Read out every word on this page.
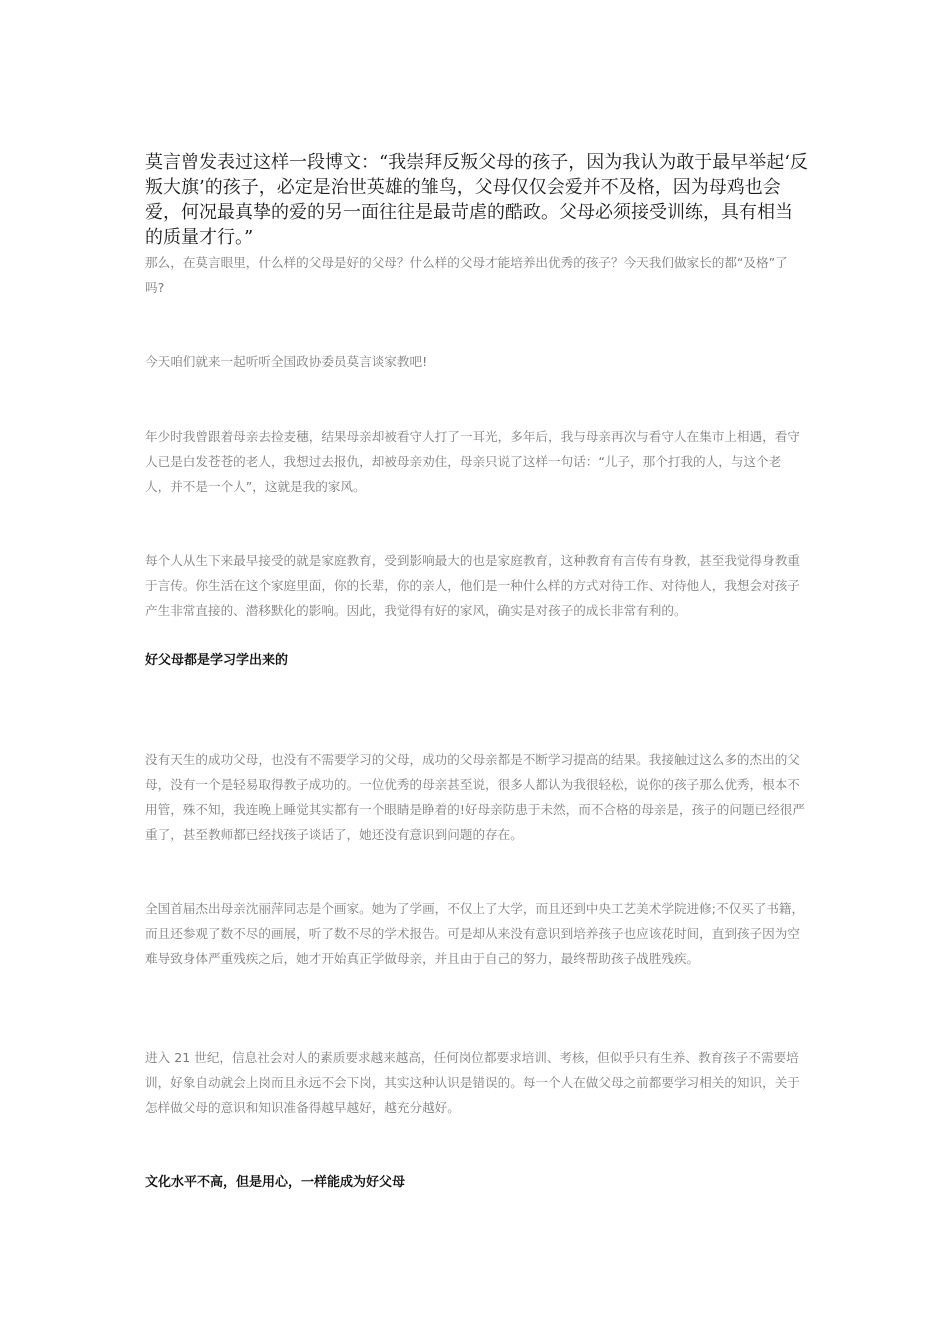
莫言曾发表过这样一段博文：“我崇拜反叛父母的孩子，因为我认为敢于最早举起‘反叛大旗’的孩子，必定是治世英雄的雏鸟，父母仅仅会爱并不及格，因为母鸡也会爱，何况最真挚的爱的另一面往往是最苛虐的酷政。父母必须接受训练，具有相当的质量才行。”

那么，在莫言眼里，什么样的父母是好的父母？什么样的父母才能培养出优秀的孩子？今天我们做家长的都“及格”了吗?

今天咱们就来一起听听全国政协委员莫言谈家教吧!

年少时我曾跟着母亲去捡麦穗，结果母亲却被看守人打了一耳光，多年后，我与母亲再次与看守人在集市上相遇，看守人已是白发苍苍的老人，我想过去报仇，却被母亲劝住，母亲只说了这样一句话：“儿子，那个打我的人，与这个老人，并不是一个人”，这就是我的家风。

每个人从生下来最早接受的就是家庭教育，受到影响最大的也是家庭教育，这种教育有言传有身教，甚至我觉得身教重于言传。你生活在这个家庭里面，你的长辈，你的亲人，他们是一种什么样的方式对待工作、对待他人，我想会对孩子产生非常直接的、潜移默化的影响。因此，我觉得有好的家风，确实是对孩子的成长非常有利的。

好父母都是学习学出来的

没有天生的成功父母，也没有不需要学习的父母，成功的父母亲都是不断学习提高的结果。我接触过这么多的杰出的父母，没有一个是轻易取得教子成功的。一位优秀的母亲甚至说，很多人都认为我很轻松，说你的孩子那么优秀，根本不用管，殊不知，我连晚上睡觉其实都有一个眼睛是睁着的!好母亲防患于未然，而不合格的母亲是，孩子的问题已经很严重了，甚至教师都已经找孩子谈话了，她还没有意识到问题的存在。

全国首届杰出母亲沈丽萍同志是个画家。她为了学画，不仅上了大学，而且还到中央工艺美术学院进修;不仅买了书籍，而且还参观了数不尽的画展，听了数不尽的学术报告。可是却从来没有意识到培养孩子也应该花时间，直到孩子因为空难导致身体严重残疾之后，她才开始真正学做母亲，并且由于自己的努力，最终帮助孩子战胜残疾。

进入 21 世纪，信息社会对人的素质要求越来越高，任何岗位都要求培训、考核，但似乎只有生养、教育孩子不需要培训，好象自动就会上岗而且永远不会下岗，其实这种认识是错误的。每一个人在做父母之前都要学习相关的知识，关于怎样做父母的意识和知识准备得越早越好，越充分越好。

文化水平不高，但是用心，一样能成为好父母
